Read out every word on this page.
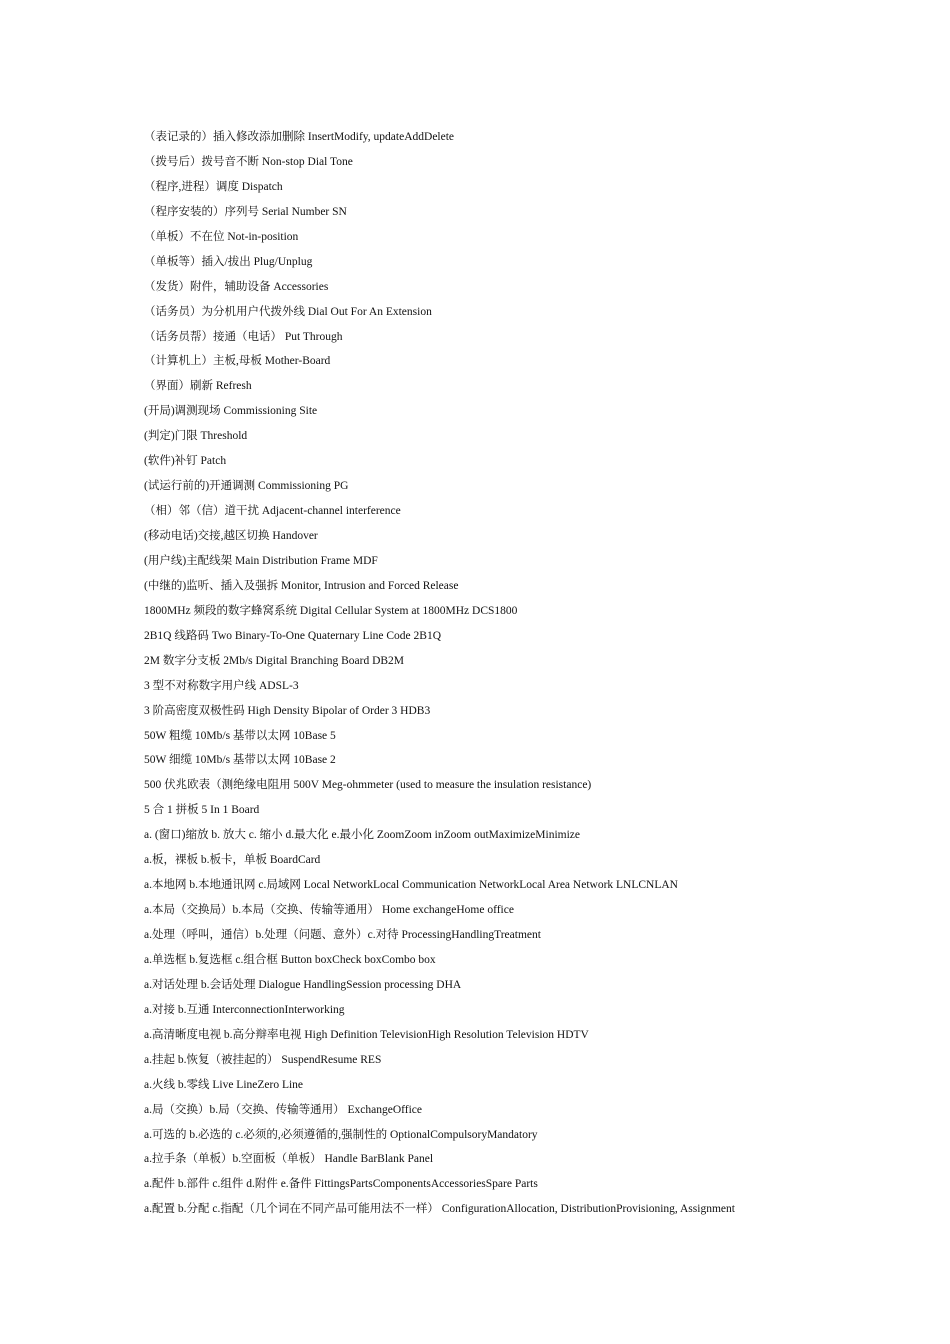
（表记录的）插入修改添加删除 InsertModify, updateAddDelete
（拨号后）拨号音不断 Non-stop Dial Tone
（程序,进程）调度 Dispatch
（程序安装的）序列号 Serial Number SN
（单板）不在位 Not-in-position
（单板等）插入/拔出 Plug/Unplug
（发货）附件，辅助设备 Accessories
（话务员）为分机用户代拨外线 Dial Out For An Extension
（话务员帮）接通（电话） Put Through
（计算机上）主板,母板 Mother-Board
（界面）刷新 Refresh
(开局)调测现场 Commissioning Site
(判定)门限 Threshold
(软件)补钉 Patch
(试运行前的)开通调测 Commissioning PG
（相）邻（信）道干扰 Adjacent-channel interference
(移动电话)交接,越区切换 Handover
(用户线)主配线架 Main Distribution Frame MDF
(中继的)监听、插入及强拆 Monitor, Intrusion and Forced Release
1800MHz 频段的数字蜂窝系统 Digital Cellular System at 1800MHz DCS1800
2B1Q 线路码 Two Binary-To-One Quaternary Line Code 2B1Q
2M 数字分支板 2Mb/s Digital Branching Board DB2M
3 型不对称数字用户线 ADSL-3
3 阶高密度双极性码 High Density Bipolar of Order 3 HDB3
50W 粗缆 10Mb/s 基带以太网 10Base 5
50W 细缆 10Mb/s 基带以太网 10Base 2
500 伏兆欧表（测绝缘电阻用 500V Meg-ohmmeter (used to measure the insulation resistance)
5 合 1 拼板 5 In 1 Board
a. (窗口)缩放 b. 放大 c. 缩小 d.最大化 e.最小化 ZoomZoom inZoom outMaximizeMinimize
a.板，裸板 b.板卡，单板 BoardCard
a.本地网 b.本地通讯网 c.局域网 Local NetworkLocal Communication NetworkLocal Area Network LNLCNLAN
a.本局（交换局）b.本局（交换、传输等通用） Home exchangeHome office
a.处理（呼叫，通信）b.处理（问题、意外）c.对待 ProcessingHandlingTreatment
a.单选框 b.复选框 c.组合框 Button boxCheck boxCombo box
a.对话处理 b.会话处理 Dialogue HandlingSession processing DHA
a.对接 b.互通 InterconnectionInterworking
a.高清晰度电视 b.高分辩率电视 High Definition TelevisionHigh Resolution Television HDTV
a.挂起 b.恢复（被挂起的） SuspendResume RES
a.火线 b.零线 Live LineZero Line
a.局（交换）b.局（交换、传输等通用） ExchangeOffice
a.可选的 b.必选的 c.必须的,必须遵循的,强制性的 OptionalCompulsoryMandatory
a.拉手条（单板）b.空面板（单板） Handle BarBlank Panel
a.配件 b.部件 c.组件 d.附件 e.备件 FittingsPartsComponentsAccessoriesSpare Parts
a.配置 b.分配 c.指配（几个词在不同产品可能用法不一样） ConfigurationAllocation, DistributionProvisioning, Assignment
